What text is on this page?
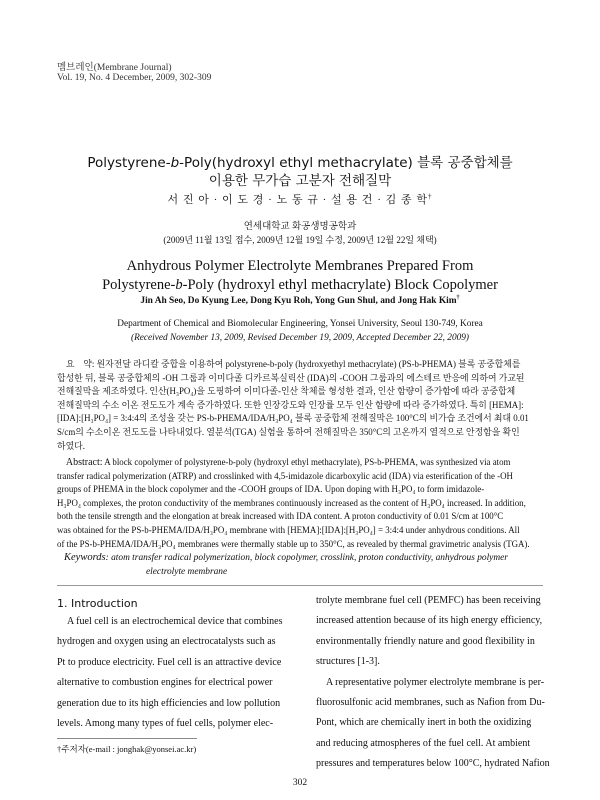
멤브레인(Membrane Journal)
Vol. 19, No. 4 December, 2009, 302-309
Polystyrene-b-Poly(hydroxyl ethyl methacrylate) 블록 공중합체를
이용한 무가습 고분자 전해질막
서 진 아 · 이 도 경 · 노 동 규 · 설 용 건 · 김 종 학†
연세대학교 화공생명공학과
(2009년 11월 13일 접수, 2009년 12월 19일 수정, 2009년 12월 22일 채택)
Anhydrous Polymer Electrolyte Membranes Prepared From
Polystyrene-b-Poly (hydroxyl ethyl methacrylate) Block Copolymer
Jin Ah Seo, Do Kyung Lee, Dong Kyu Roh, Yong Gun Shul, and Jong Hak Kim†
Department of Chemical and Biomolecular Engineering, Yonsei University, Seoul 130-749, Korea
(Received November 13, 2009, Revised December 19, 2009, Accepted December 22, 2009)
요    약: 원자전달 라디칼 중합을 이용하여 polystyrene-b-poly (hydroxyethyl methacrylate) (PS-b-PHEMA) 블록 공중합체를
합성한 뒤, 블록 공중합체의 -OH 그룹과 이미다졸 디카르복실릭산 (IDA)의 -COOH 그룹과의 에스테르 반응에 의하여 가교된
전해질막을 제조하였다. 인산(H₃PO₄)을 도핑하여 이미다졸-인산 착체를 형성한 결과, 인산 함량이 증가함에 따라 공중합체
전해질막의 수소 이온 전도도가 계속 증가하였다. 또한 인장강도와 인장률 모두 인산 함량에 따라 증가하였다. 특히 [HEMA]:
[IDA]:[H₃PO₄] = 3:4:4의 조성을 갖는 PS-b-PHEMA/IDA/H₃PO₄ 블록 공중합체 전해질막은 100°C의 비가습 조건에서 최대 0.01
S/cm의 수소이온 전도도를 나타내었다. 열분석(TGA) 실험을 통하여 전해질막은 350°C의 고온까지 열적으로 안정함을 확인
하였다.
Abstract: A block copolymer of polystyrene-b-poly (hydroxyl ethyl methacrylate), PS-b-PHEMA, was synthesized via atom
transfer radical polymerization (ATRP) and crosslinked with 4,5-imidazole dicarboxylic acid (IDA) via esterification of the -OH
groups of PHEMA in the block copolymer and the -COOH groups of IDA. Upon doping with H₃PO₄ to form imidazole-
H₃PO₄ complexes, the proton conductivity of the membranes continuously increased as the content of H₃PO₄ increased. In addition,
both the tensile strength and the elongation at break increased with IDA content. A proton conductivity of 0.01 S/cm at 100°C
was obtained for the PS-b-PHEMA/IDA/H₃PO₄ membrane with [HEMA]:[IDA]:[H₃PO₄] = 3:4:4 under anhydrous conditions. All
of the PS-b-PHEMA/IDA/H₃PO₄ membranes were thermally stable up to 350°C, as revealed by thermal gravimetric analysis (TGA).
Keywords: atom transfer radical polymerization, block copolymer, crosslink, proton conductivity, anhydrous polymer
electrolyte membrane
1. Introduction
A fuel cell is an electrochemical device that combines
hydrogen and oxygen using an electrocatalysts such as
Pt to produce electricity. Fuel cell is an attractive device
alternative to combustion engines for electrical power
generation due to its high efficiencies and low pollution
levels. Among many types of fuel cells, polymer elec-
trolyte membrane fuel cell (PEMFC) has been receiving
increased attention because of its high energy efficiency,
environmentally friendly nature and good flexibility in
structures [1-3].
A representative polymer electrolyte membrane is per-
fluorosulfonic acid membranes, such as Nafion from Du-
Pont, which are chemically inert in both the oxidizing
and reducing atmospheres of the fuel cell. At ambient
pressures and temperatures below 100°C, hydrated Nafion
†주저자(e-mail : jonghak@yonsei.ac.kr)
302
